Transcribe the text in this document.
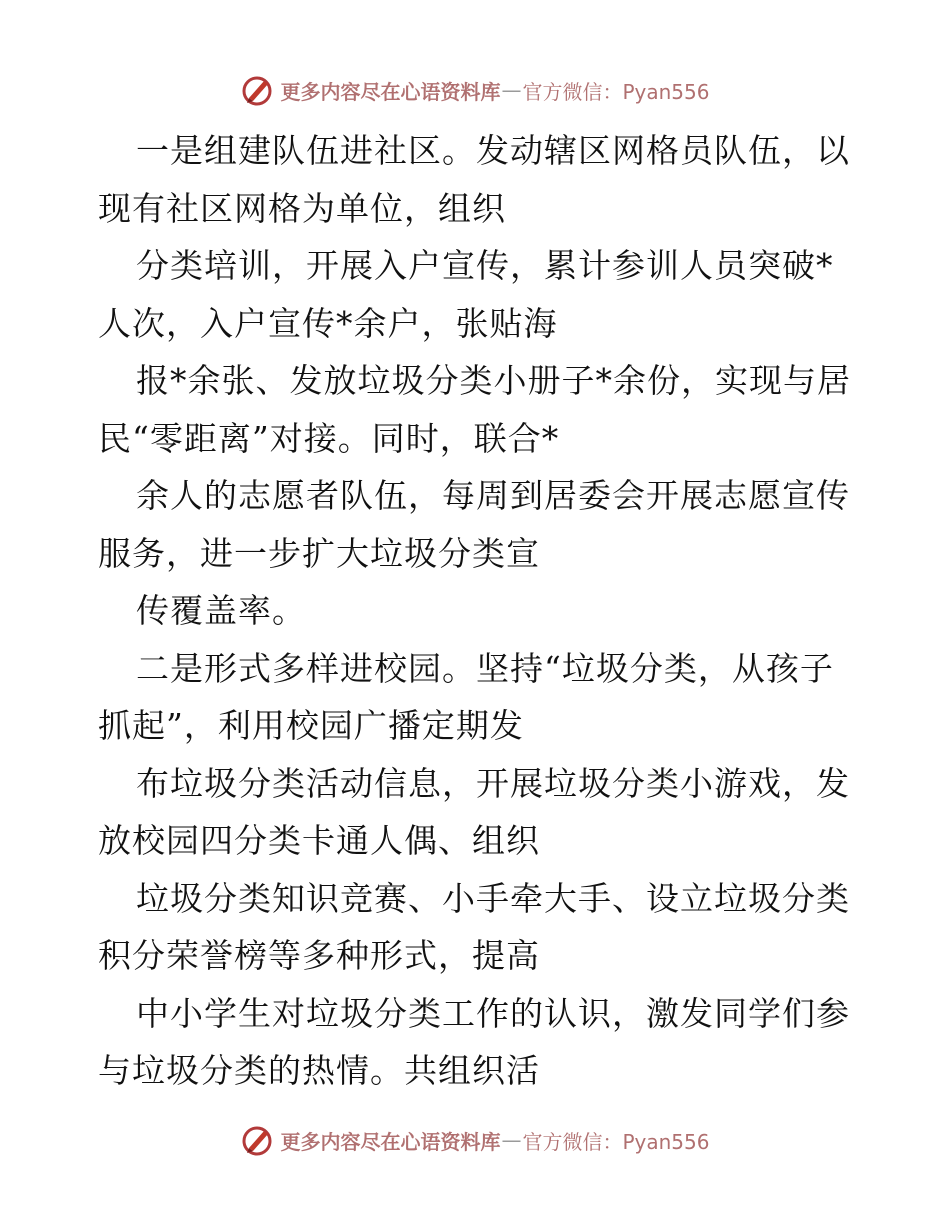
更多内容尽在心语资料库 — 官方微信：Pyan556
一是组建队伍进社区。发动辖区网格员队伍，以
现有社区网格为单位，组织
分类培训，开展入户宣传，累计参训人员突破*
人次，入户宣传*余户，张贴海
报*余张、发放垃圾分类小册子*余份，实现与居
民“零距离”对接。同时，联合*
余人的志愿者队伍，每周到居委会开展志愿宣传
服务，进一步扩大垃圾分类宣
传覆盖率。
二是形式多样进校园。坚持“垃圾分类，从孩子
抓起”，利用校园广播定期发
布垃圾分类活动信息，开展垃圾分类小游戏，发
放校园四分类卡通人偶、组织
垃圾分类知识竞赛、小手牵大手、设立垃圾分类
积分荣誉榜等多种形式，提高
中小学生对垃圾分类工作的认识，激发同学们参
与垃圾分类的热情。共组织活
更多内容尽在心语资料库 — 官方微信：Pyan556
